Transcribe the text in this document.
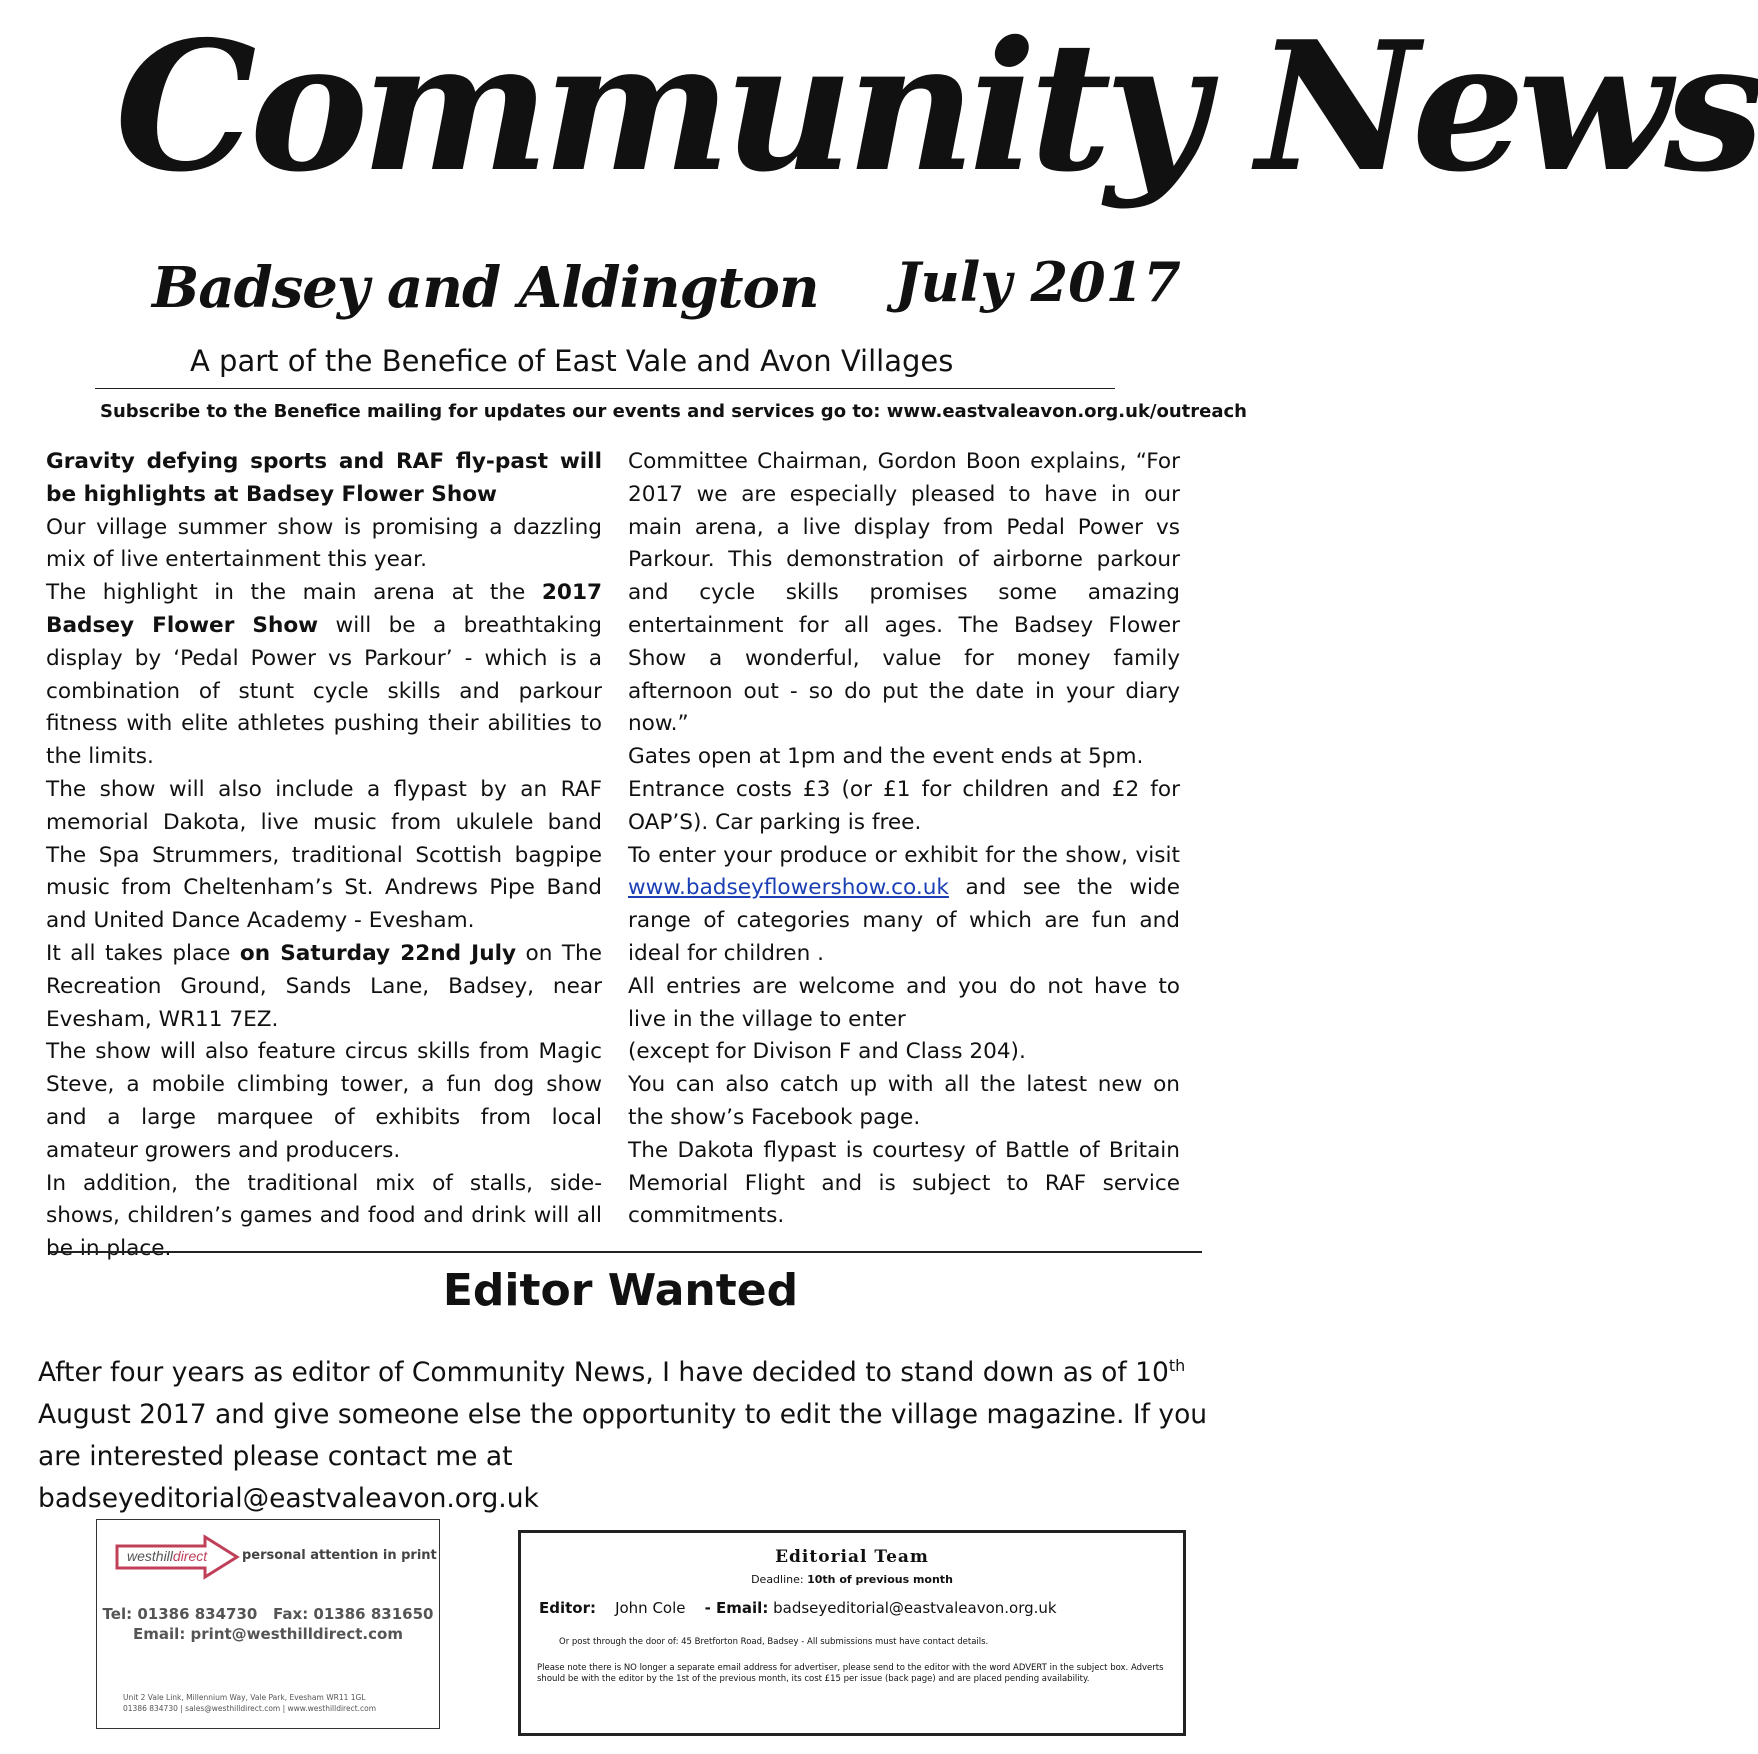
Community News
Badsey and Aldington July 2017
A part of the Benefice of East Vale and Avon Villages
Subscribe to the Benefice mailing for updates our events and services go to: www.eastvaleavon.org.uk/outreach

Gravity defying sports and RAF fly-past will be highlights at Badsey Flower Show

Our village summer show is promising a dazzling mix of live entertainment this year.

The highlight in the main arena at the 2017 Badsey Flower Show will be a breathtaking display by ‘Pedal Power vs Parkour’ - which is a combination of stunt cycle skills and parkour fitness with elite athletes pushing their abilities to the limits.

The show will also include a flypast by an RAF memorial Dakota, live music from ukulele band The Spa Strummers, traditional Scottish bagpipe music from Cheltenham’s St. Andrews Pipe Band and United Dance Academy - Evesham.

It all takes place on Saturday 22nd July on The Recreation Ground, Sands Lane, Badsey, near Evesham, WR11 7EZ.

The show will also feature circus skills from Magic Steve, a mobile climbing tower, a fun dog show and a large marquee of exhibits from local amateur growers and producers.

In addition, the traditional mix of stalls, side-shows, children’s games and food and drink will all be in place.

Committee Chairman, Gordon Boon explains, “For 2017 we are especially pleased to have in our main arena, a live display from Pedal Power vs Parkour. This demonstration of airborne parkour and cycle skills promises some amazing entertainment for all ages. The Badsey Flower Show a wonderful, value for money family afternoon out - so do put the date in your diary now.”

Gates open at 1pm and the event ends at 5pm.

Entrance costs £3 (or £1 for children and £2 for OAP’S). Car parking is free.

To enter your produce or exhibit for the show, visit www.badseyflowershow.co.uk and see the wide range of categories many of which are fun and ideal for children .

All entries are welcome and you do not have to live in the village to enter

(except for Divison F and Class 204).

You can also catch up with all the latest new on the show’s Facebook page.

The Dakota flypast is courtesy of Battle of Britain Memorial Flight and is subject to RAF service commitments.

Editor Wanted

After four years as editor of Community News, I have decided to stand down as of 10th August 2017 and give someone else the opportunity to edit the village magazine. If you are interested please contact me at

badseyeditorial@eastvaleavon.org.uk

westhilldirect	personal attention in print
Tel: 01386 834730 Fax: 01386 831650
Email: print@westhilldirect.com
Unit 2 Vale Link, Millennium Way, Vale Park, Evesham WR11 1GL
01386 834730 | sales@westhilldirect.com | www.westhilldirect.com
Editorial Team
Deadline: 10th of previous month
Editor: John Cole - Email: badseyeditorial@eastvaleavon.org.uk
Or post through the door of: 45 Bretforton Road, Badsey - All submissions must have contact details.
Please note there is NO longer a separate email address for advertiser, please send to the editor with the word ADVERT in the subject box. Adverts should be with the editor by the 1st of the previous month, its cost £15 per issue (back page) and are placed pending availability.
